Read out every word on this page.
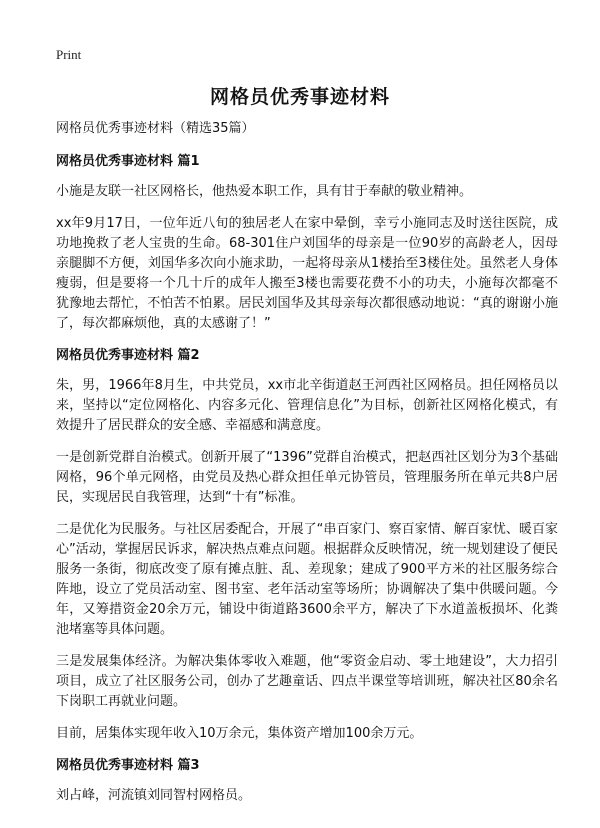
Print
网格员优秀事迹材料
网格员优秀事迹材料（精选35篇）
网格员优秀事迹材料 篇1

小施是友联一社区网格长，他热爱本职工作，具有甘于奉献的敬业精神。

xx年9月17日，一位年近八旬的独居老人在家中晕倒，幸亏小施同志及时送往医院，成功地挽救了老人宝贵的生命。68-301住户刘国华的母亲是一位90岁的高龄老人，因母亲腿脚不方便，刘国华多次向小施求助，一起将母亲从1楼抬至3楼住处。虽然老人身体瘦弱，但是要将一个几十斤的成年人搬至3楼也需要花费不小的功夫，小施每次都毫不犹豫地去帮忙，不怕苦不怕累。居民刘国华及其母亲每次都很感动地说：“真的谢谢小施了，每次都麻烦他，真的太感谢了！”

网格员优秀事迹材料 篇2

朱，男，1966年8月生，中共党员，xx市北辛街道赵王河西社区网格员。担任网格员以来，坚持以“定位网格化、内容多元化、管理信息化”为目标，创新社区网格化模式，有效提升了居民群众的安全感、幸福感和满意度。

一是创新党群自治模式。创新开展了“1396”党群自治模式，把赵西社区划分为3个基础网格，96个单元网格，由党员及热心群众担任单元协管员，管理服务所在单元共8户居民，实现居民自我管理，达到“十有”标准。

二是优化为民服务。与社区居委配合，开展了“串百家门、察百家情、解百家忧、暖百家心”活动，掌握居民诉求，解决热点难点问题。根据群众反映情况，统一规划建设了便民服务一条街，彻底改变了原有摊点脏、乱、差现象；建成了900平方米的社区服务综合阵地，设立了党员活动室、图书室、老年活动室等场所；协调解决了集中供暖问题。今年，又筹措资金20余万元，铺设中街道路3600余平方，解决了下水道盖板损坏、化粪池堵塞等具体问题。

三是发展集体经济。为解决集体零收入难题，他“零资金启动、零土地建设”，大力招引项目，成立了社区服务公司，创办了艺趣童话、四点半课堂等培训班，解决社区80余名下岗职工再就业问题。

目前，居集体实现年收入10万余元，集体资产增加100余万元。

网格员优秀事迹材料 篇3

刘占峰，河流镇刘同智村网格员。
